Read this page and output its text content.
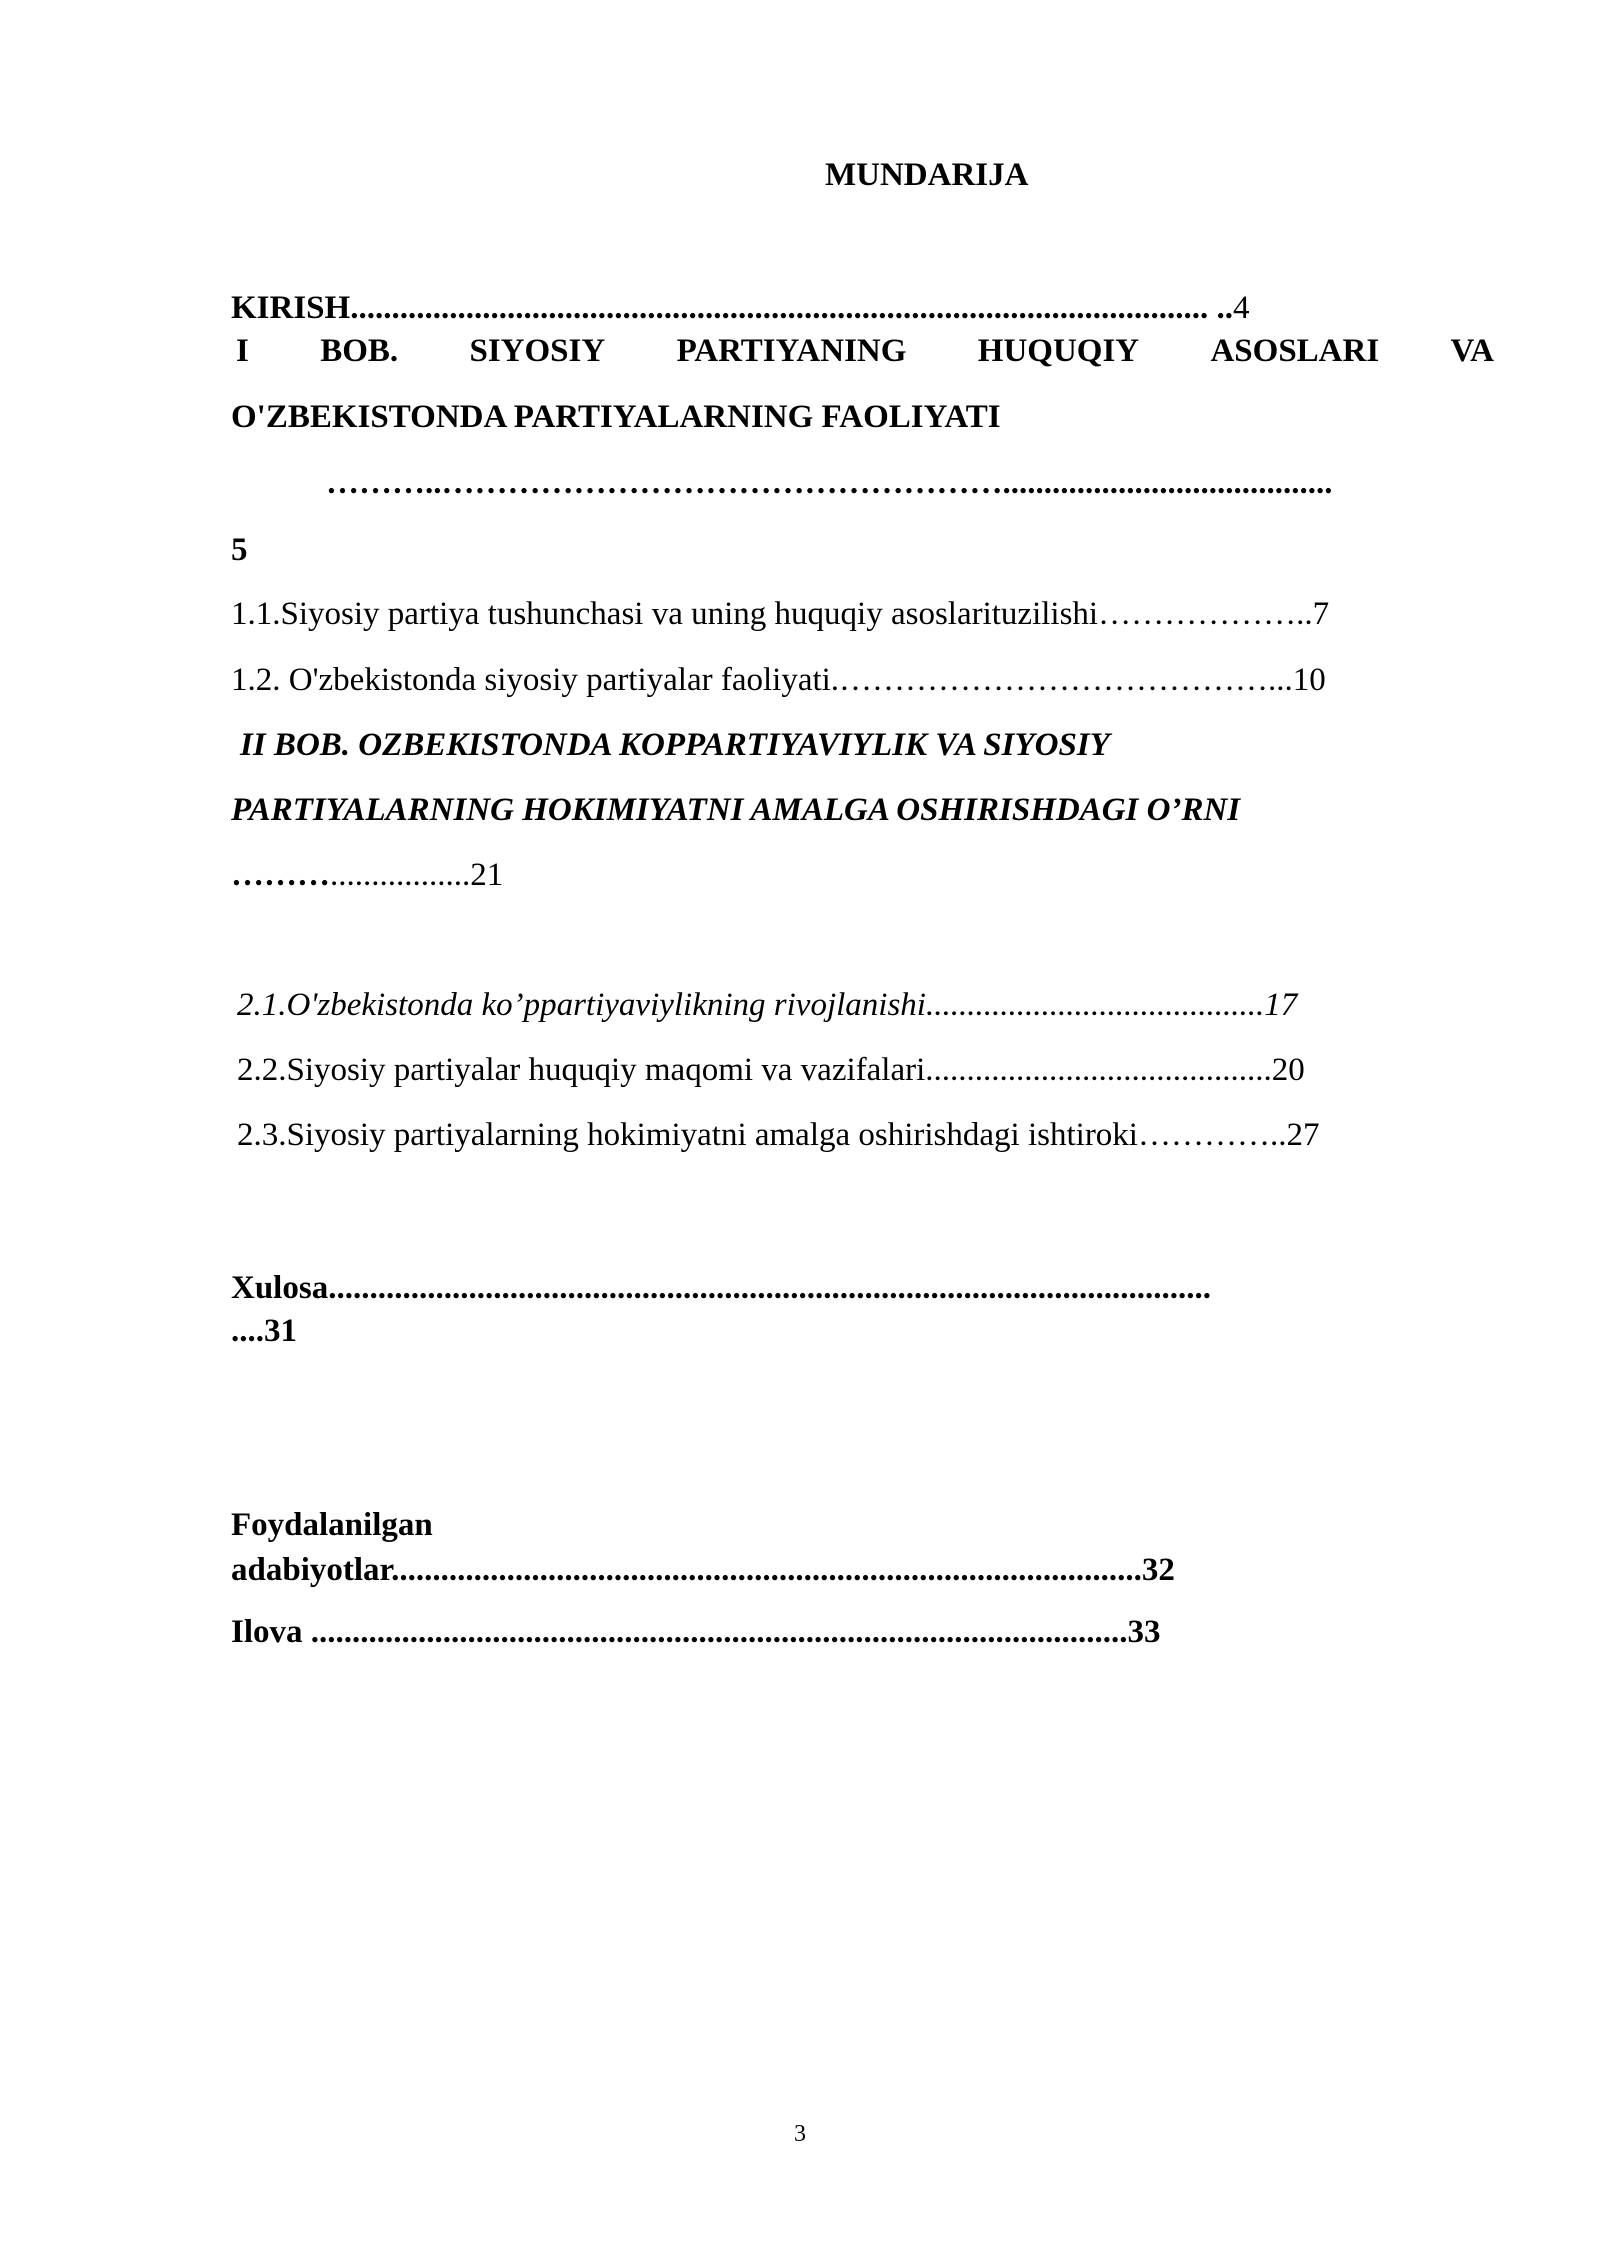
MUNDARIJA
KIRISH........................................................................................................ ..4
I BOB. SIYOSIY PARTIYANING HUQUQIY ASOSLARI VA
O'ZBEKISTONDA PARTIYALARNING FAOLIYATI
………..……………………………………………........................................
5
1.1.Siyosiy partiya tushunchasi va uning huquqiy asoslarituzilishi………………..7
1.2. O'zbekistonda siyosiy partiyalar faoliyati.…………………………………...10
II BOB. OZBEKISTONDA KOPPARTIYAVIYLIK VA SIYOSIY
PARTIYALARNING HOKIMIYATNI AMALGA OSHIRISHDAGI O’RNI
……….................21
2.1.O'zbekistonda ko’ppartiyaviylikning rivojlanishi.........................................17
2.2.Siyosiy partiyalar huquqiy maqomi va vazifalari..........................................20
2.3.Siyosiy partiyalarning hokimiyatni amalga oshirishdagi ishtiroki…………..27
Xulosa...........................................................................................................
....31
Foydalanilgan
adabiyotlar...........................................................................................32
Ilova ...................................................................................................33
3
